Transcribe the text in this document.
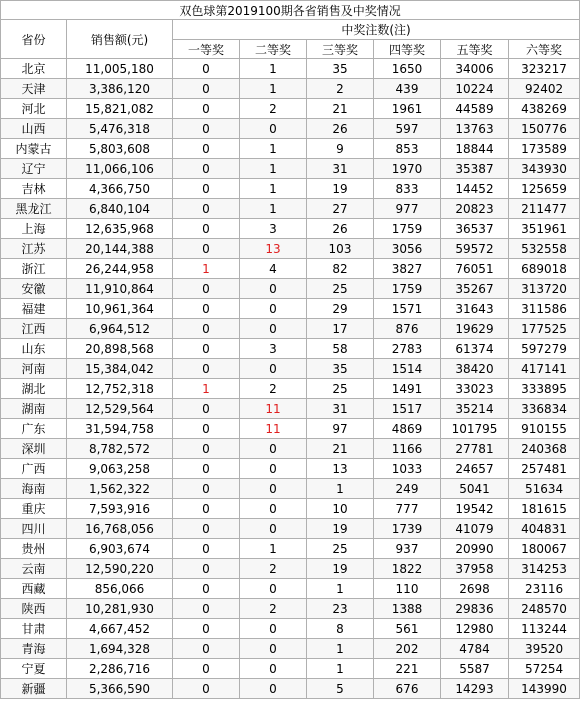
双色球第2019100期各省销售及中奖情况							
省份	销售额(元)	中奖注数(注)					
		一等奖	二等奖	三等奖	四等奖	五等奖	六等奖
北京	11,005,180	0	1	35	1650	34006	323217
天津	3,386,120	0	1	2	439	10224	92402
河北	15,821,082	0	2	21	1961	44589	438269
山西	5,476,318	0	0	26	597	13763	150776
内蒙古	5,803,608	0	1	9	853	18844	173589
辽宁	11,066,106	0	1	31	1970	35387	343930
吉林	4,366,750	0	1	19	833	14452	125659
黑龙江	6,840,104	0	1	27	977	20823	211477
上海	12,635,968	0	3	26	1759	36537	351961
江苏	20,144,388	0	13	103	3056	59572	532558
浙江	26,244,958	1	4	82	3827	76051	689018
安徽	11,910,864	0	0	25	1759	35267	313720
福建	10,961,364	0	0	29	1571	31643	311586
江西	6,964,512	0	0	17	876	19629	177525
山东	20,898,568	0	3	58	2783	61374	597279
河南	15,384,042	0	0	35	1514	38420	417141
湖北	12,752,318	1	2	25	1491	33023	333895
湖南	12,529,564	0	11	31	1517	35214	336834
广东	31,594,758	0	11	97	4869	101795	910155
深圳	8,782,572	0	0	21	1166	27781	240368
广西	9,063,258	0	0	13	1033	24657	257481
海南	1,562,322	0	0	1	249	5041	51634
重庆	7,593,916	0	0	10	777	19542	181615
四川	16,768,056	0	0	19	1739	41079	404831
贵州	6,903,674	0	1	25	937	20990	180067
云南	12,590,220	0	2	19	1822	37958	314253
西藏	856,066	0	0	1	110	2698	23116
陕西	10,281,930	0	2	23	1388	29836	248570
甘肃	4,667,452	0	0	8	561	12980	113244
青海	1,694,328	0	0	1	202	4784	39520
宁夏	2,286,716	0	0	1	221	5587	57254
新疆	5,366,590	0	0	5	676	14293	143990
